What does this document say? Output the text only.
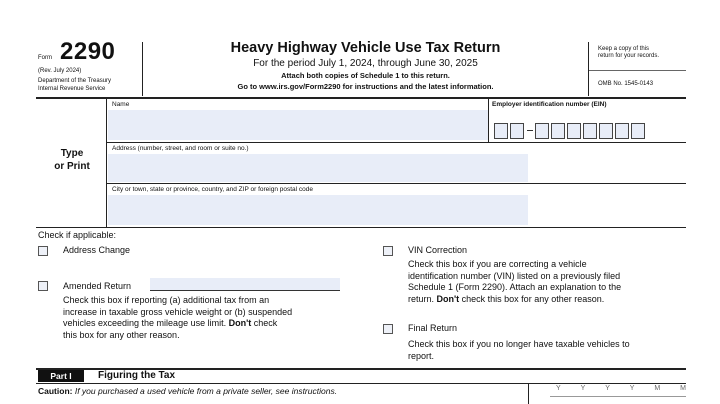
Form 2290
(Rev. July 2024)
Department of the Treasury
Internal Revenue Service
Heavy Highway Vehicle Use Tax Return
For the period July 1, 2024, through June 30, 2025
Attach both copies of Schedule 1 to this return.
Go to www.irs.gov/Form2290 for instructions and the latest information.
Keep a copy of this
return for your records.
OMB No. 1545-0143
Type
or Print
Name	Employer identification number (EIN)
Address (number, street, and room or suite no.)
City or town, state or province, country, and ZIP or foreign postal code
Check if applicable:
Address Change
Amended Return
Check this box if reporting (a) additional tax from an
increase in taxable gross vehicle weight or (b) suspended
vehicles exceeding the mileage use limit. Don't check
this box for any other reason.
VIN Correction
Check this box if you are correcting a vehicle
identification number (VIN) listed on a previously filed
Schedule 1 (Form 2290). Attach an explanation to the
return. Don't check this box for any other reason.
Final Return
Check this box if you no longer have taxable vehicles to
report.
Part I	Figuring the Tax
Caution: If you purchased a used vehicle from a private seller, see instructions.	Y	Y	Y	Y	M	M
